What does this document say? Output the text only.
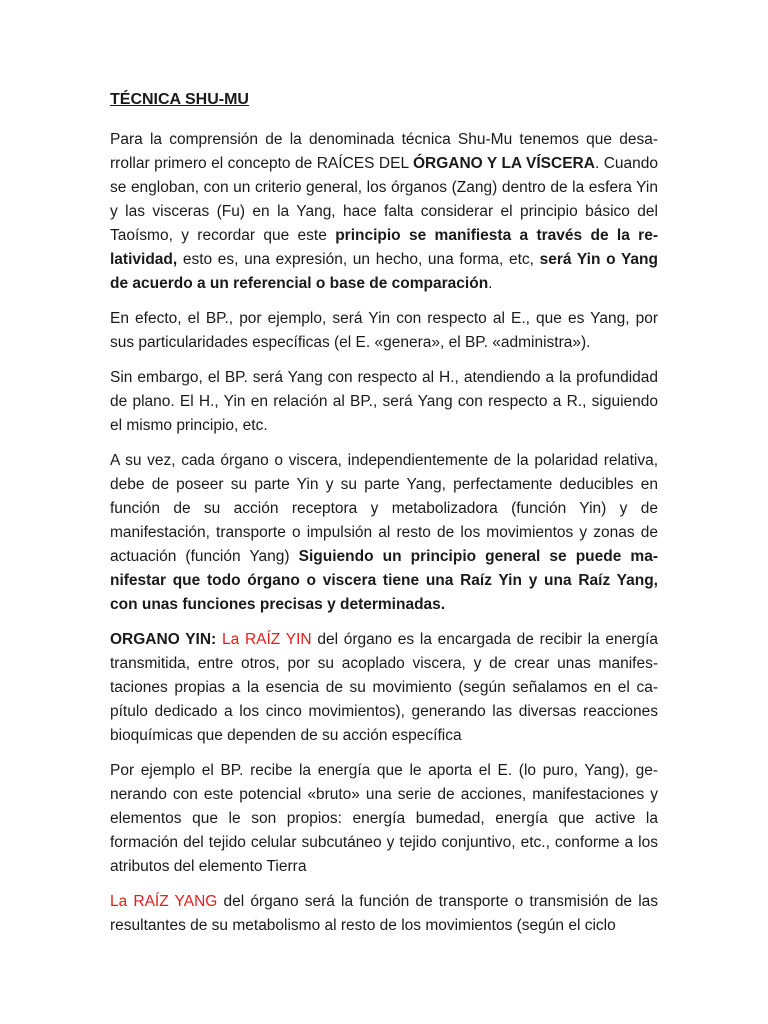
TÉCNICA SHU-MU

Para la comprensión de la denominada técnica Shu-Mu tenemos que desarrollar primero el concepto de RAÍCES DEL ÓRGANO Y LA VÍSCERA. Cuando se engloban, con un criterio general, los órganos (Zang) dentro de la esfera Yin y las visceras (Fu) en la Yang, hace falta considerar el principio básico del Taoísmo, y recordar que este principio se manifiesta a través de la relatividad, esto es, una expresión, un hecho, una forma, etc, será Yin o Yang de acuerdo a un referencial o base de comparación.

En efecto, el BP., por ejemplo, será Yin con respecto al E., que es Yang, por sus particularidades específicas (el E. «genera», el BP. «administra»).

Sin embargo, el BP. será Yang con respecto al H., atendiendo a la profundidad de plano. El H., Yin en relación al BP., será Yang con respecto a R., siguiendo el mismo principio, etc.

A su vez, cada órgano o viscera, independientemente de la polaridad relativa, debe de poseer su parte Yin y su parte Yang, perfectamente deducibles en función de su acción receptora y metabolizadora (función Yin) y de manifestación, transporte o impulsión al resto de los movimientos y zonas de actuación (función Yang) Siguiendo un principio general se puede manifestar que todo órgano o viscera tiene una Raíz Yin y una Raíz Yang, con unas funciones precisas y determinadas.

ORGANO YIN: La RAÍZ YIN del órgano es la encargada de recibir la energía transmitida, entre otros, por su acoplado viscera, y de crear unas manifestaciones propias a la esencia de su movimiento (según señalamos en el capítulo dedicado a los cinco movimientos), generando las diversas reacciones bioquímicas que dependen de su acción específica

Por ejemplo el BP. recibe la energía que le aporta el E. (lo puro, Yang), generando con este potencial «bruto» una serie de acciones, manifestaciones y elementos que le son propios: energía bumedad, energía que active la formación del tejido celular subcutáneo y tejido conjuntivo, etc., conforme a los atributos del elemento Tierra

La RAÍZ YANG del órgano será la función de transporte o transmisión de las resultantes de su metabolismo al resto de los movimientos (según el ciclo
